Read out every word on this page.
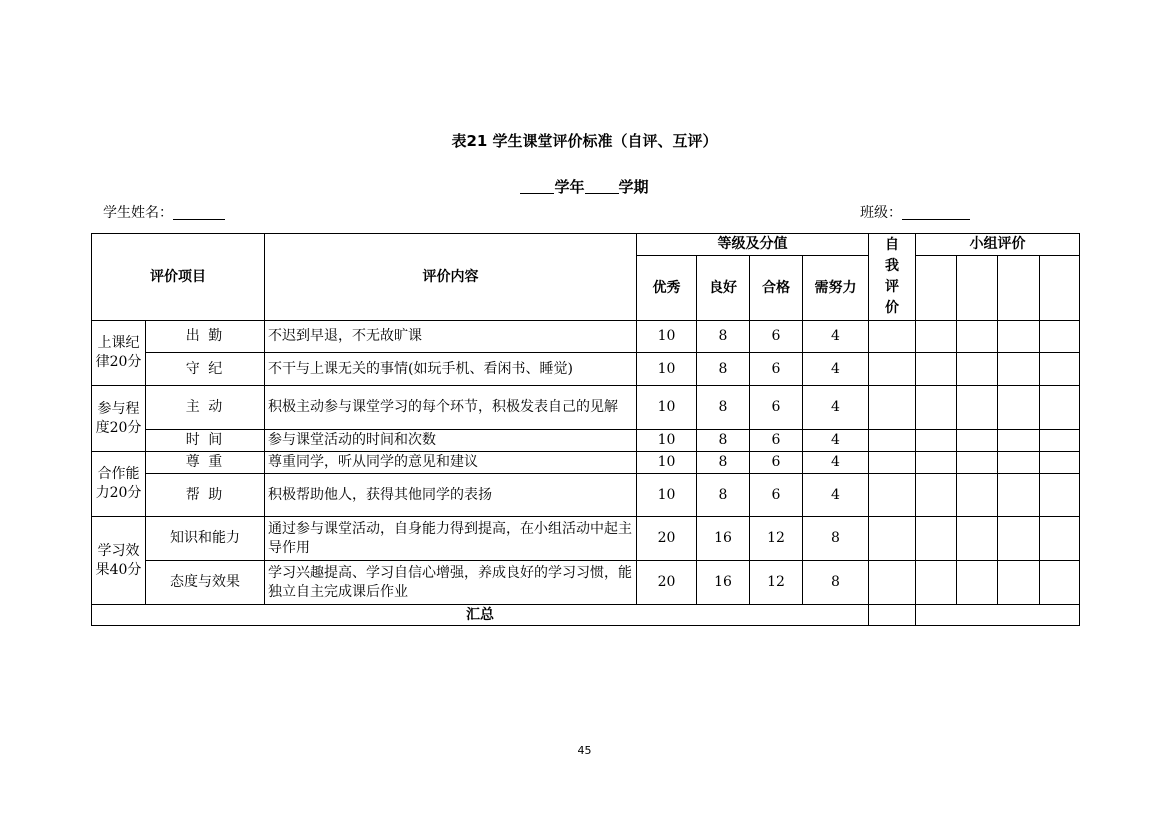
表21 学生课堂评价标准（自评、互评）
学年 学期
学生姓名：	班级：
评价项目		评价内容	等级及分值				自
我
评
价	小组评价			
			优秀	良好	合格	需努力					
上课纪律20分	出 勤	不迟到早退，不无故旷课	10	8	6	4					
	守 纪	不干与上课无关的事情(如玩手机、看闲书、睡觉)	10	8	6	4					
参与程度20分	主 动	积极主动参与课堂学习的每个环节，积极发表自己的见解	10	8	6	4					
	时 间	参与课堂活动的时间和次数	10	8	6	4					
合作能力20分	尊 重	尊重同学，听从同学的意见和建议	10	8	6	4					
	帮 助	积极帮助他人，获得其他同学的表扬	10	8	6	4					
学习效果40分	知识和能力	通过参与课堂活动，自身能力得到提高，在小组活动中起主导作用	20	16	12	8					
	态度与效果	学习兴趣提高、学习自信心增强，养成良好的学习习惯，能独立自主完成课后作业	20	16	12	8					
汇总											
45
